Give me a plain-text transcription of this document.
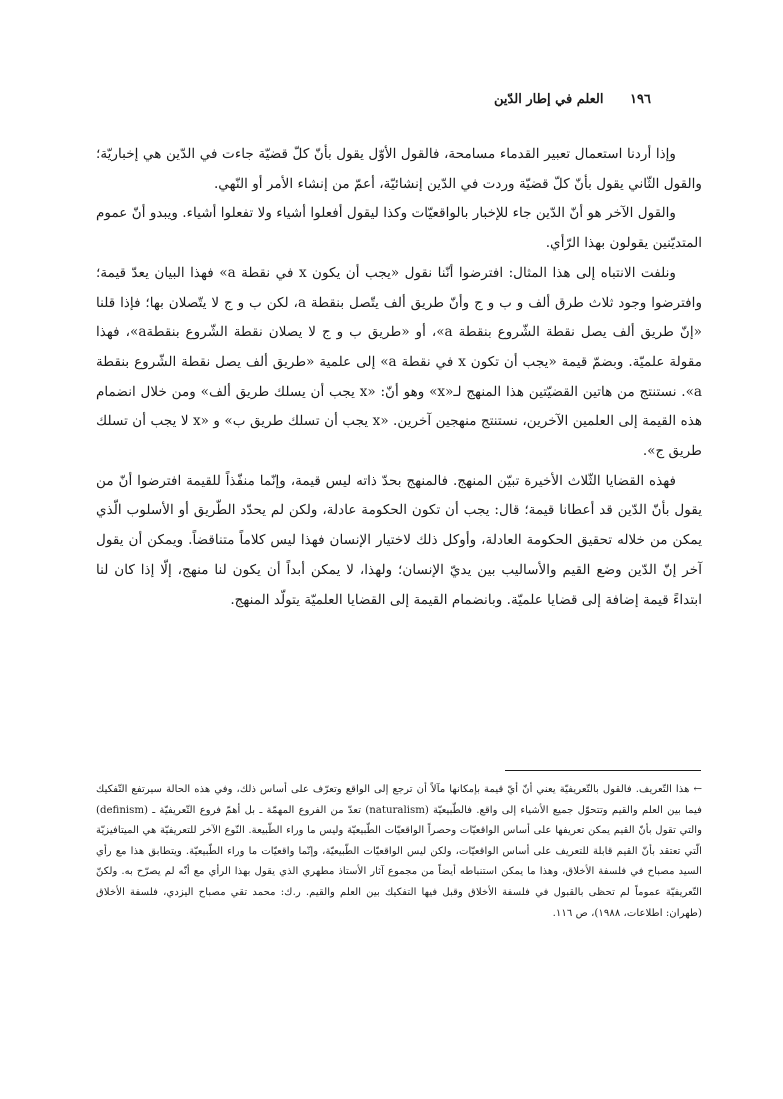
١٩٦ العلم في إطار الدّين

وإذا أردنا استعمال تعبير القدماء مسامحة، فالقول الأوّل يقول بأنّ كلّ قضيّة جاءت في الدّين هي إخباريّة؛ والقول الثّاني يقول بأنّ كلّ قضيّة وردت في الدّين إنشائيّة، أعمّ من إنشاء الأمر أو النّهي.

والقول الآخر هو أنّ الدّين جاء للإخبار بالواقعيّات وكذا ليقول أفعلوا أشياء ولا تفعلوا أشياء. ويبدو أنّ عموم المتديّنين يقولون بهذا الرّأي.

ونلفت الانتباه إلى هذا المثال: افترضوا أنّنا نقول «يجب أن يكون x في نقطة a» فهذا البيان يعدّ قيمة؛ وافترضوا وجود ثلاث طرق ألف و ب و ج وأنّ طريق ألف يتّصل بنقطة a، لكن ب و ج لا يتّصلان بها؛ فإذا قلنا «إنّ طريق ألف يصل نقطة الشّروع بنقطة a»، أو «طريق ب و ج لا يصلان نقطة الشّروع بنقطةa»، فهذا مقولة علميّة. وبضمّ قيمة «يجب أن تكون x في نقطة a» إلى علمية «طريق ألف يصل نقطة الشّروع بنقطة a». نستنتج من هاتين القضيّتين هذا المنهج لـ«x» وهو أنّ: «x يجب أن يسلك طريق ألف» ومن خلال انضمام هذه القيمة إلى العلمين الآخرين، نستنتج منهجين آخرين. «x يجب أن تسلك طريق ب» و «x لا يجب أن تسلك طريق ج».

فهذه القضايا الثّلاث الأخيرة تبيّن المنهج. فالمنهج بحدّ ذاته ليس قيمة، وإنّما منفّذاً للقيمة افترضوا أنّ من يقول بأنّ الدّين قد أعطانا قيمة؛ قال: يجب أن تكون الحكومة عادلة، ولكن لم يحدّد الطّريق أو الأسلوب الّذي يمكن من خلاله تحقيق الحكومة العادلة، وأوكل ذلك لاختيار الإنسان فهذا ليس كلاماً متناقضاً. ويمكن أن يقول آخر إنّ الدّين وضع القيم والأساليب بين يديّ الإنسان؛ ولهذا، لا يمكن أبداً أن يكون لنا منهج، إلّا إذا كان لنا ابتداءً قيمة إضافة إلى قضايا علميّة. وبانضمام القيمة إلى القضايا العلميّة يتولّد المنهج.

← هذا التّعريف. فالقول بالتّعريفيّة يعني أنّ أيّ قيمة بإمكانها مآلاً أن ترجع إلى الواقع وتعرّف على أساس ذلك، وفي هذه الحالة سيرتفع التّفكيك فيما بين العلم والقيم وتتحوّل جميع الأشياء إلى واقع. فالطّبيعيّة (naturalism) تعدّ من الفروع المهمّة ـ بل أهمّ فروع التّعريفيّة ـ (definism) والتي تقول بأنّ القيم يمكن تعريفها على أساس الواقعيّات وحصراً الواقعيّات الطّبيعيّة وليس ما وراء الطّبيعة. النّوع الآخر للتعريفيّة هي الميتافيزيّة الّتي تعتقد بأنّ القيم قابلة للتعريف على أساس الواقعيّات، ولكن ليس الواقعيّات الطّبيعيّة، وإنّما واقعيّات ما وراء الطّبيعيّة. ويتطابق هذا مع رأي السيد مصباح في فلسفة الأخلاق، وهذا ما يمكن استنباطه أيضاً من مجموع آثار الأستاذ مطهري الذي يقول بهذا الرأي مع أنّه لم يصرّح به. ولكنّ التّعريفيّة عموماً لم تحظى بالقبول في فلسفة الأخلاق وقبل فيها التفكيك بين العلم والقيم. ر.ك: محمد تقي مصباح اليزدي، فلسفة الأخلاق (طهران: اطلاعات، ١٩٨٨)، ص ١١٦.
